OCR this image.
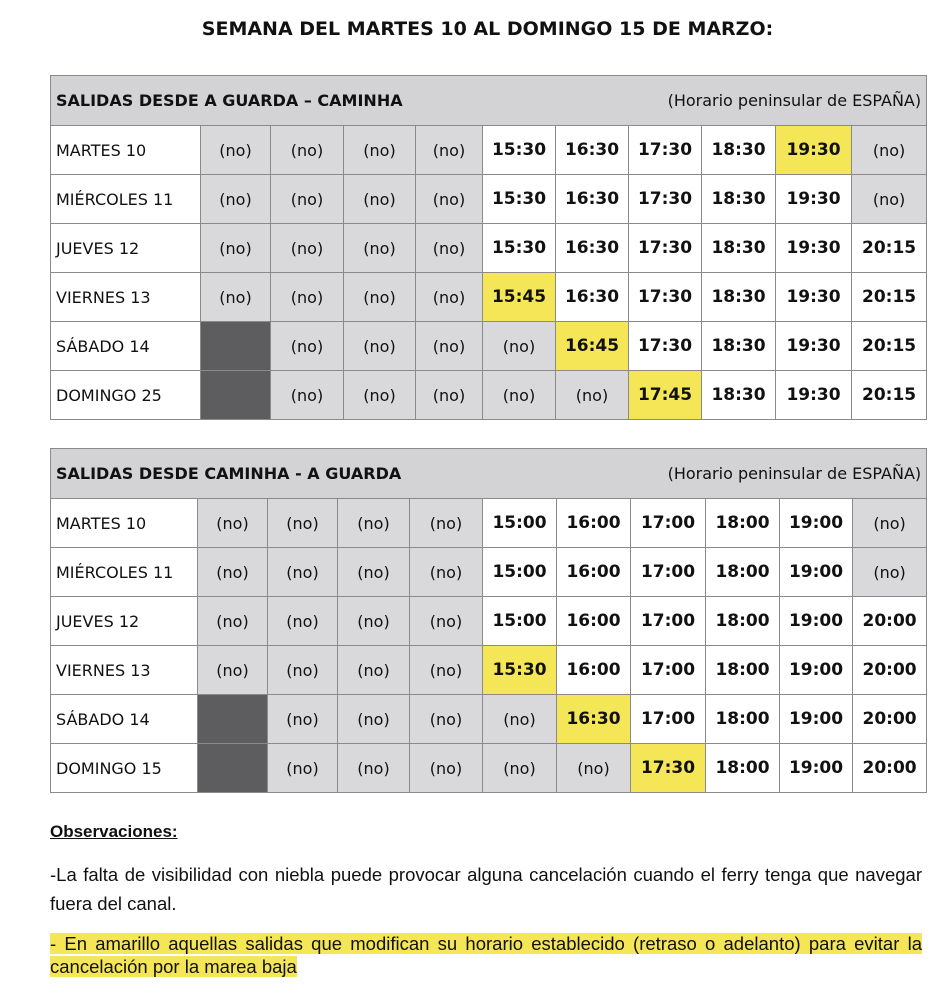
SEMANA DEL MARTES 10 AL DOMINGO 15 DE MARZO:
SALIDAS DESDE A GUARDA – CAMINHA (Horario peninsular de ESPAÑA)										

MARTES 10	(no)	(no)	(no)	(no)	15:30	16:30	17:30	18:30	19:30	(no)
MIÉRCOLES 11	(no)	(no)	(no)	(no)	15:30	16:30	17:30	18:30	19:30	(no)
JUEVES 12	(no)	(no)	(no)	(no)	15:30	16:30	17:30	18:30	19:30	20:15
VIERNES 13	(no)	(no)	(no)	(no)	15:45	16:30	17:30	18:30	19:30	20:15
SÁBADO 14		(no)	(no)	(no)	(no)	16:45	17:30	18:30	19:30	20:15
DOMINGO 25		(no)	(no)	(no)	(no)	(no)	17:45	18:30	19:30	20:15
SALIDAS DESDE CAMINHA - A GUARDA (Horario peninsular de ESPAÑA)										

MARTES 10	(no)	(no)	(no)	(no)	15:00	16:00	17:00	18:00	19:00	(no)
MIÉRCOLES 11	(no)	(no)	(no)	(no)	15:00	16:00	17:00	18:00	19:00	(no)
JUEVES 12	(no)	(no)	(no)	(no)	15:00	16:00	17:00	18:00	19:00	20:00
VIERNES 13	(no)	(no)	(no)	(no)	15:30	16:00	17:00	18:00	19:00	20:00
SÁBADO 14		(no)	(no)	(no)	(no)	16:30	17:00	18:00	19:00	20:00
DOMINGO 15		(no)	(no)	(no)	(no)	(no)	17:30	18:00	19:00	20:00
Observaciones:
-La falta de visibilidad con niebla puede provocar alguna cancelación cuando el ferry tenga que navegar fuera del canal.
- En amarillo aquellas salidas que modifican su horario establecido (retraso o adelanto) para evitar la cancelación por la marea baja
